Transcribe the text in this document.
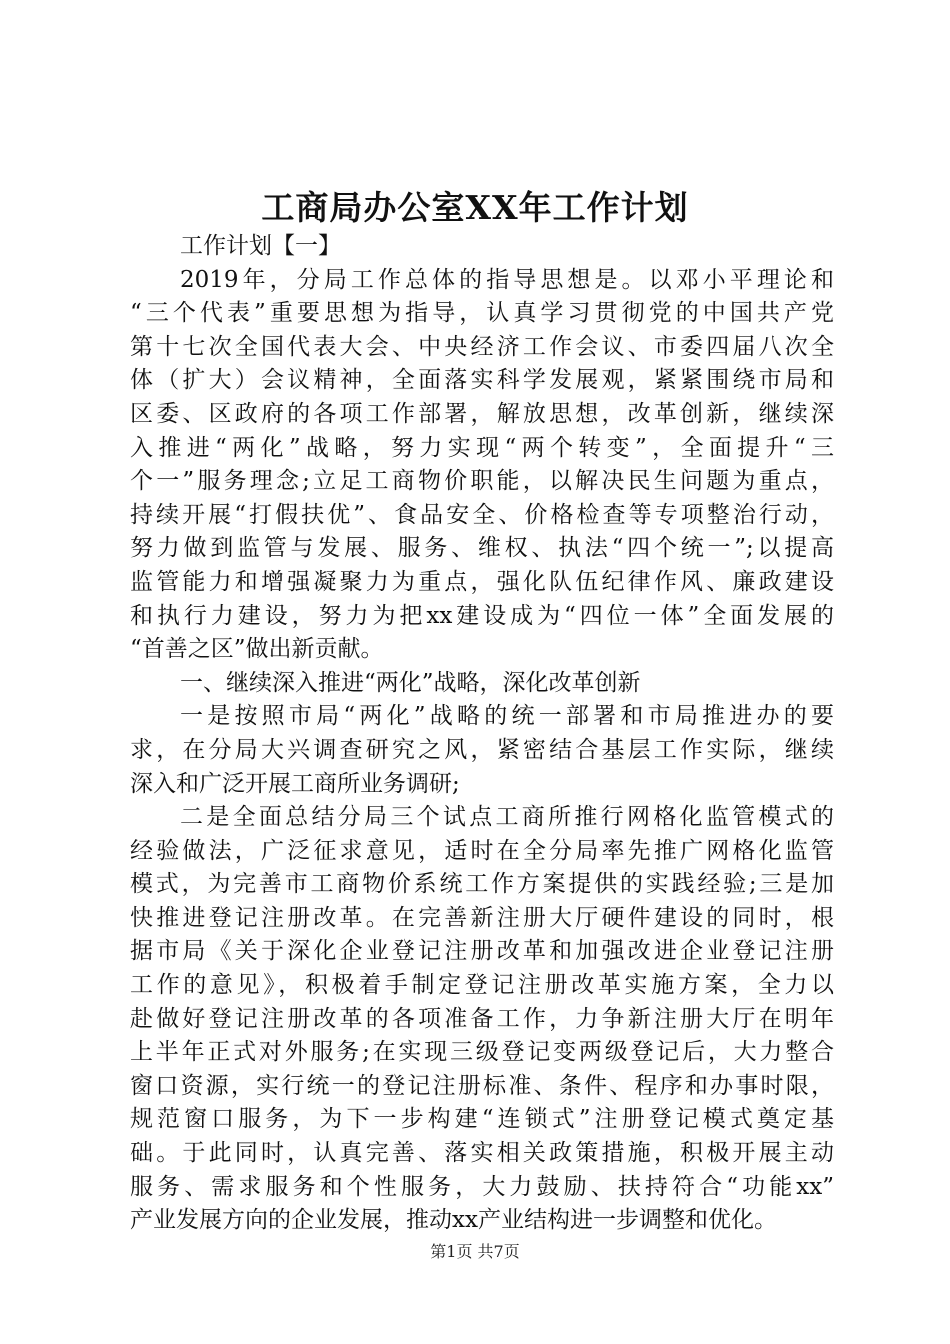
工商局办公室XX年工作计划
工作计划【一】
2019年，分局工作总体的指导思想是。以邓小平理论和
“三个代表”重要思想为指导，认真学习贯彻党的中国共产党
第十七次全国代表大会、中央经济工作会议、市委四届八次全
体（扩大）会议精神，全面落实科学发展观，紧紧围绕市局和
区委、区政府的各项工作部署，解放思想，改革创新，继续深
入推进“两化”战略，努力实现“两个转变”，全面提升“三
个一”服务理念;立足工商物价职能，以解决民生问题为重点，
持续开展“打假扶优”、食品安全、价格检查等专项整治行动，
努力做到监管与发展、服务、维权、执法“四个统一”;以提高
监管能力和增强凝聚力为重点，强化队伍纪律作风、廉政建设
和执行力建设，努力为把xx建设成为“四位一体”全面发展的
“首善之区”做出新贡献。
一、继续深入推进“两化”战略，深化改革创新
一是按照市局“两化”战略的统一部署和市局推进办的要
求，在分局大兴调查研究之风，紧密结合基层工作实际，继续
深入和广泛开展工商所业务调研;
二是全面总结分局三个试点工商所推行网格化监管模式的
经验做法，广泛征求意见，适时在全分局率先推广网格化监管
模式，为完善市工商物价系统工作方案提供的实践经验;三是加
快推进登记注册改革。在完善新注册大厅硬件建设的同时，根
据市局《关于深化企业登记注册改革和加强改进企业登记注册
工作的意见》，积极着手制定登记注册改革实施方案，全力以
赴做好登记注册改革的各项准备工作，力争新注册大厅在明年
上半年正式对外服务;在实现三级登记变两级登记后，大力整合
窗口资源，实行统一的登记注册标准、条件、程序和办事时限，
规范窗口服务，为下一步构建“连锁式”注册登记模式奠定基
础。于此同时，认真完善、落实相关政策措施，积极开展主动
服务、需求服务和个性服务，大力鼓励、扶持符合“功能xx”
产业发展方向的企业发展，推动xx产业结构进一步调整和优化。
第1页 共7页
